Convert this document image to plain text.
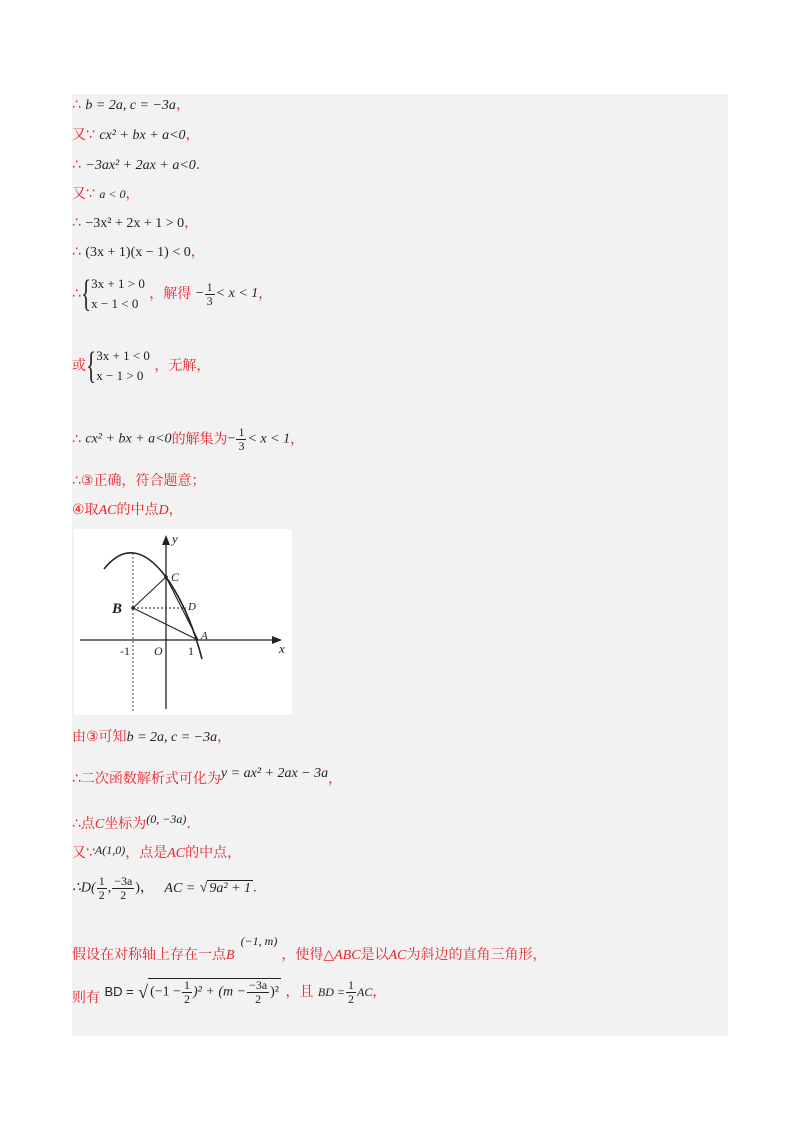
∴ b = 2a, c = −3a，
又∵ cx² + bx + a<0，
∴ −3ax² + 2ax + a<0．
又∵ a < 0，
∴ −3x² + 2x + 1 > 0，
∴ (3x + 1)(x − 1) < 0，
∴{ 3x + 1 > 0
x − 1 < 0
，解得 − $\frac{1}{3} < x < 1$，
或{ 3x + 1 < 0
x − 1 > 0
，无解，
∴ cx² + bx + a<0的解集为− $\frac{1}{3} < x < 1$，
∴③正确，符合题意；
④取AC的中点D，
y
x
B
C
D
A
O
-1	1
由③可知b = 2a, c = −3a，
∴二次函数解析式可化为y = ax² + 2ax − 3a，
∴点C坐标为(0, −3a).
又∵A(1,0)，点是AC的中点，
∴D( $\frac{1}{2}$ , $\frac{-3a}{2}$ )， AC = √ 9a² + 1 .
假设在对称轴上存在一点B(−1, m)，使得△ABC是以AC为斜边的直角三角形，
则有 BD = √ $(-1 - \frac{1}{2} )^2 + (m - \frac{-3a}{2} )^2$ ，且 BD = $\frac{1}{2}$ AC，
